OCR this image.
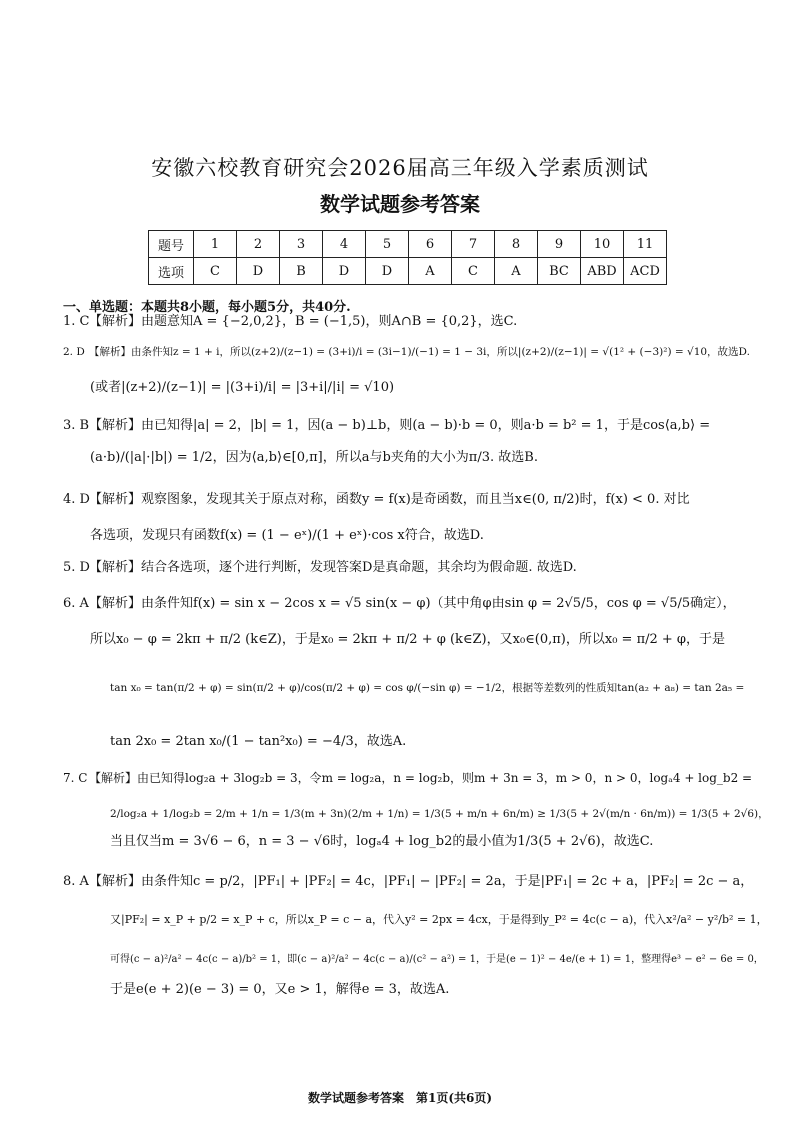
安徽六校教育研究会2026届高三年级入学素质测试
数学试题参考答案
题号	1	2	3	4	5	6	7	8	9	10	11
选项	C	D	B	D	D	A	C	A	BC	ABD	ACD
一、单选题：本题共8小题，每小题5分，共40分.
1. C【解析】由题意知A = {−2,0,2}，B = (−1,5)，则A∩B = {0,2}，选C.
2. D 【解析】由条件知z = 1 + i，所以(z+2)/(z−1) = (3+i)/i = (3i−1)/(−1) = 1 − 3i，所以|(z+2)/(z−1)| = √(1² + (−3)²) = √10，故选D.
(或者|(z+2)/(z−1)| = |(3+i)/i| = |3+i|/|i| = √10)
3. B【解析】由已知得|a| = 2，|b| = 1，因(a − b)⊥b，则(a − b)·b = 0，则a·b = b² = 1，于是cos⟨a,b⟩ =
(a·b)/(|a|·|b|) = 1/2，因为⟨a,b⟩∈[0,π]，所以a与b夹角的大小为π/3. 故选B.
4. D【解析】观察图象，发现其关于原点对称，函数y = f(x)是奇函数，而且当x∈(0, π/2)时，f(x) < 0. 对比
各选项，发现只有函数f(x) = (1 − eˣ)/(1 + eˣ)·cos x符合，故选D.
5. D【解析】结合各选项，逐个进行判断，发现答案D是真命题，其余均为假命题. 故选D.
6. A【解析】由条件知f(x) = sin x − 2cos x = √5 sin(x − φ)（其中角φ由sin φ = 2√5/5，cos φ = √5/5确定），
所以x₀ − φ = 2kπ + π/2 (k∈Z)，于是x₀ = 2kπ + π/2 + φ (k∈Z)，又x₀∈(0,π)，所以x₀ = π/2 + φ，于是
tan x₀ = tan(π/2 + φ) = sin(π/2 + φ)/cos(π/2 + φ) = cos φ/(−sin φ) = −1/2，根据等差数列的性质知tan(a₂ + a₈) = tan 2a₅ =
tan 2x₀ = 2tan x₀/(1 − tan²x₀) = −4/3，故选A.
7. C 【解析】由已知得log₂a + 3log₂b = 3，令m = log₂a，n = log₂b，则m + 3n = 3，m > 0，n > 0，logₐ4 + log_b2 =
2/log₂a + 1/log₂b = 2/m + 1/n = 1/3(m + 3n)(2/m + 1/n) = 1/3(5 + m/n + 6n/m) ≥ 1/3(5 + 2√(m/n · 6n/m)) = 1/3(5 + 2√6)，
当且仅当m = 3√6 − 6，n = 3 − √6时，logₐ4 + log_b2的最小值为1/3(5 + 2√6)，故选C.
8. A【解析】由条件知c = p/2，|PF₁| + |PF₂| = 4c，|PF₁| − |PF₂| = 2a，于是|PF₁| = 2c + a，|PF₂| = 2c − a，
又|PF₂| = x_P + p/2 = x_P + c，所以x_P = c − a，代入y² = 2px = 4cx，于是得到y_P² = 4c(c − a)，代入x²/a² − y²/b² = 1，
可得(c − a)²/a² − 4c(c − a)/b² = 1，即(c − a)²/a² − 4c(c − a)/(c² − a²) = 1，于是(e − 1)² − 4e/(e + 1) = 1，整理得e³ − e² − 6e = 0，
于是e(e + 2)(e − 3) = 0，又e > 1，解得e = 3，故选A.
数学试题参考答案　第1页(共6页)
